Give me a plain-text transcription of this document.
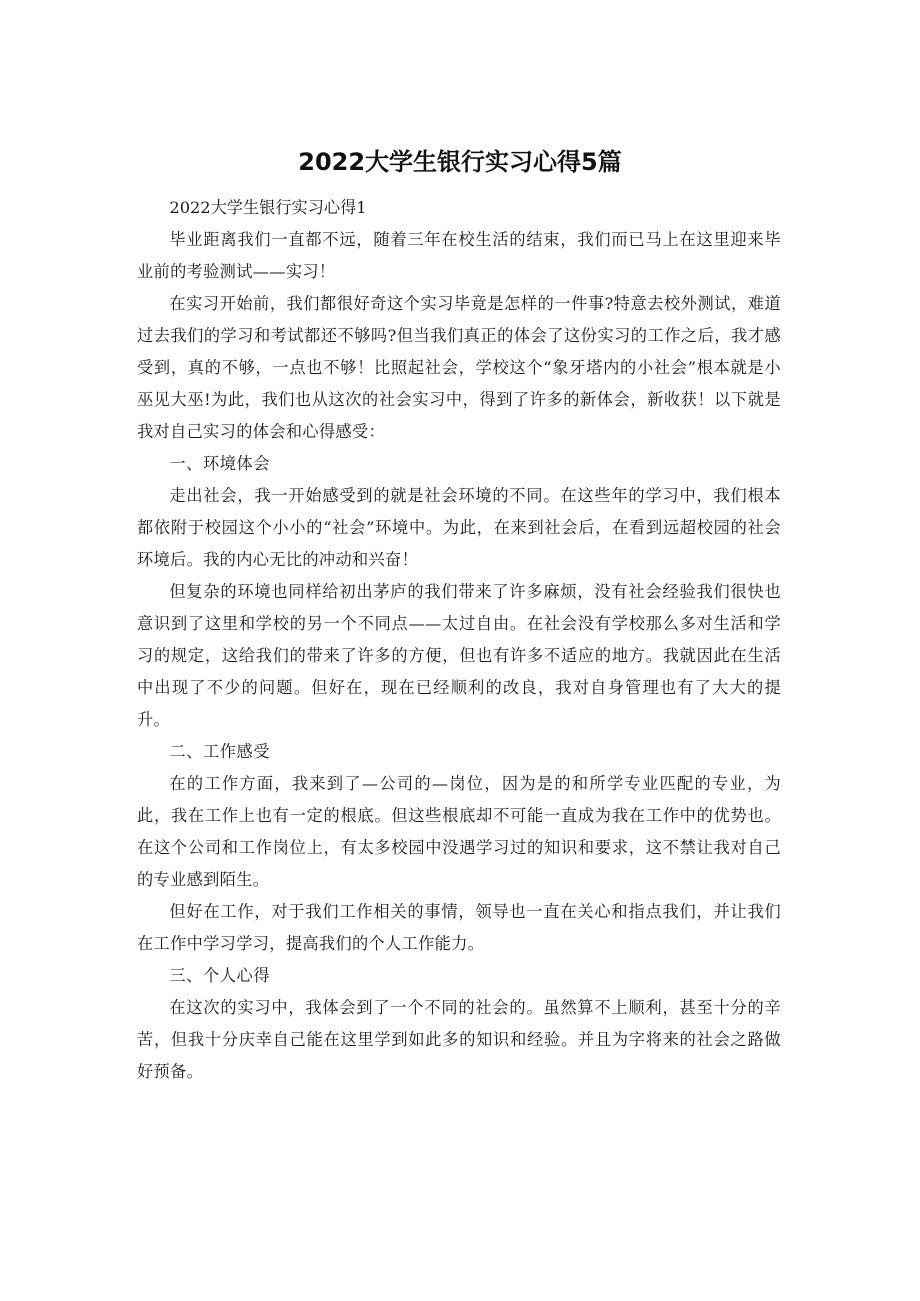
2022大学生银行实习心得5篇

2022大学生银行实习心得1

毕业距离我们一直都不远，随着三年在校生活的结束，我们而已马上在这里迎来毕业前的考验测试——实习！

在实习开始前，我们都很好奇这个实习毕竟是怎样的一件事?特意去校外测试，难道过去我们的学习和考试都还不够吗?但当我们真正的体会了这份实习的工作之后，我才感受到，真的不够，一点也不够！比照起社会，学校这个“象牙塔内的小社会”根本就是小巫见大巫!为此，我们也从这次的社会实习中，得到了许多的新体会，新收获！以下就是我对自己实习的体会和心得感受：

一、环境体会

走出社会，我一开始感受到的就是社会环境的不同。在这些年的学习中，我们根本都依附于校园这个小小的“社会”环境中。为此，在来到社会后，在看到远超校园的社会环境后。我的内心无比的冲动和兴奋！

但复杂的环境也同样给初出茅庐的我们带来了许多麻烦，没有社会经验我们很快也意识到了这里和学校的另一个不同点——太过自由。在社会没有学校那么多对生活和学习的规定，这给我们的带来了许多的方便，但也有许多不适应的地方。我就因此在生活中出现了不少的问题。但好在，现在已经顺利的改良，我对自身管理也有了大大的提升。

二、工作感受

在的工作方面，我来到了—公司的—岗位，因为是的和所学专业匹配的专业，为此，我在工作上也有一定的根底。但这些根底却不可能一直成为我在工作中的优势也。在这个公司和工作岗位上，有太多校园中没遇学习过的知识和要求，这不禁让我对自己的专业感到陌生。

但好在工作，对于我们工作相关的事情，领导也一直在关心和指点我们，并让我们在工作中学习学习，提高我们的个人工作能力。

三、个人心得

在这次的实习中，我体会到了一个不同的社会的。虽然算不上顺利，甚至十分的辛苦，但我十分庆幸自己能在这里学到如此多的知识和经验。并且为字将来的社会之路做好预备。
